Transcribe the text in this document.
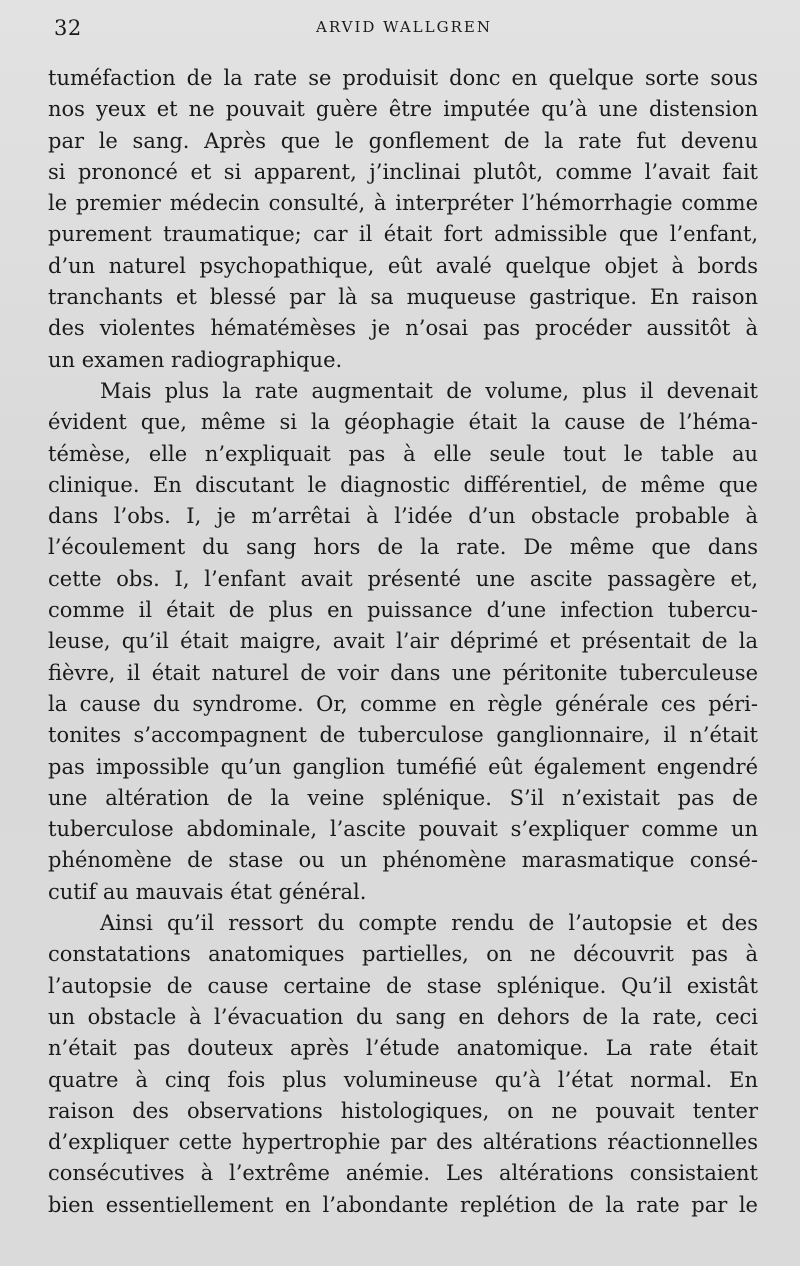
32	ARVID WALLGREN
tuméfaction de la rate se produisit donc en quelque sorte sous
nos yeux et ne pouvait guère être imputée qu’à une distension
par le sang. Après que le gonflement de la rate fut devenu
si prononcé et si apparent, j’inclinai plutôt, comme l’avait fait
le premier médecin consulté, à interpréter l’hémorrhagie comme
purement traumatique; car il était fort admissible que l’enfant,
d’un naturel psychopathique, eût avalé quelque objet à bords
tranchants et blessé par là sa muqueuse gastrique. En raison
des violentes hématémèses je n’osai pas procéder aussitôt à
un examen radiographique.
Mais plus la rate augmentait de volume, plus il devenait
évident que, même si la géophagie était la cause de l’héma-
témèse, elle n’expliquait pas à elle seule tout le table au
clinique. En discutant le diagnostic différentiel, de même que
dans l’obs. I, je m’arrêtai à l’idée d’un obstacle probable à
l’écoulement du sang hors de la rate. De même que dans
cette obs. I, l’enfant avait présenté une ascite passagère et,
comme il était de plus en puissance d’une infection tubercu-
leuse, qu’il était maigre, avait l’air déprimé et présentait de la
fièvre, il était naturel de voir dans une péritonite tuberculeuse
la cause du syndrome. Or, comme en règle générale ces péri-
tonites s’accompagnent de tuberculose ganglionnaire, il n’était
pas impossible qu’un ganglion tuméfié eût également engendré
une altération de la veine splénique. S’il n’existait pas de
tuberculose abdominale, l’ascite pouvait s’expliquer comme un
phénomène de stase ou un phénomène marasmatique consé-
cutif au mauvais état général.
Ainsi qu’il ressort du compte rendu de l’autopsie et des
constatations anatomiques partielles, on ne découvrit pas à
l’autopsie de cause certaine de stase splénique. Qu’il existât
un obstacle à l’évacuation du sang en dehors de la rate, ceci
n’était pas douteux après l’étude anatomique. La rate était
quatre à cinq fois plus volumineuse qu’à l’état normal. En
raison des observations histologiques, on ne pouvait tenter
d’expliquer cette hypertrophie par des altérations réactionnelles
consécutives à l’extrême anémie. Les altérations consistaient
bien essentiellement en l’abondante replétion de la rate par le
